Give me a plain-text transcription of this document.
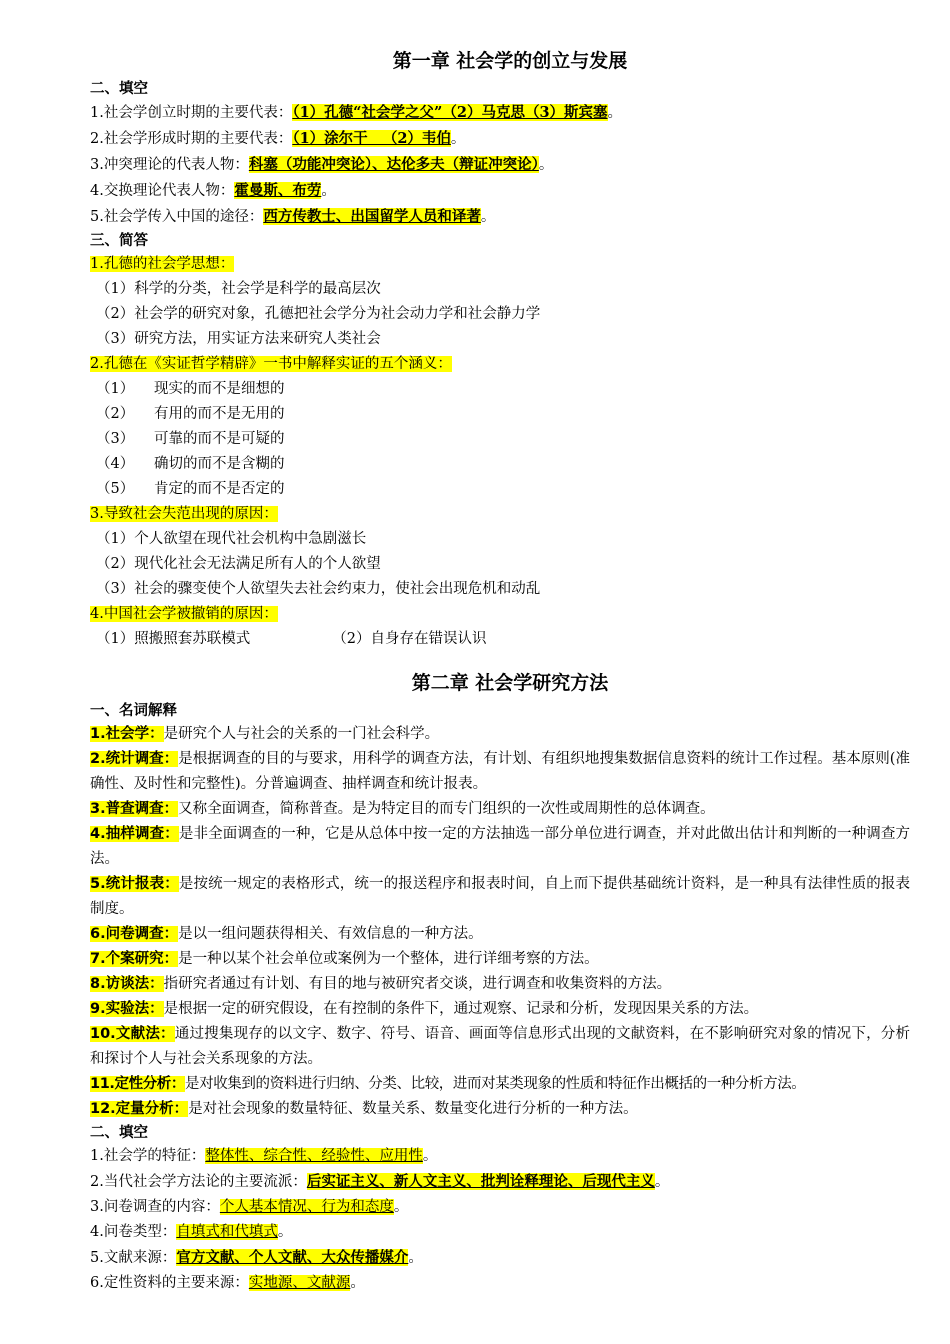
第一章 社会学的创立与发展
二、填空
1.社会学创立时期的主要代表：（1）孔德“社会学之父”（2）马克思（3）斯宾塞。
2.社会学形成时期的主要代表：（1）涂尔干   （2）韦伯。
3.冲突理论的代表人物：科塞（功能冲突论）、达伦多夫（辩证冲突论）。
4.交换理论代表人物：霍曼斯、布劳。
5.社会学传入中国的途径：西方传教士、出国留学人员和译著。
三、简答
1.孔德的社会学思想：
（1）科学的分类，社会学是科学的最高层次
（2）社会学的研究对象，孔德把社会学分为社会动力学和社会静力学
（3）研究方法，用实证方法来研究人类社会
2.孔德在《实证哲学精辟》一书中解释实证的五个涵义：
（1） 现实的而不是细想的
（2） 有用的而不是无用的
（3） 可靠的而不是可疑的
（4） 确切的而不是含糊的
（5） 肯定的而不是否定的
3.导致社会失范出现的原因：
（1）个人欲望在现代社会机构中急剧滋长
（2）现代化社会无法满足所有人的个人欲望
（3）社会的骤变使个人欲望失去社会约束力，使社会出现危机和动乱
4.中国社会学被撤销的原因：
（1）照搬照套苏联模式	（2）自身存在错误认识
第二章 社会学研究方法
一、名词解释
1.社会学：是研究个人与社会的关系的一门社会科学。
2.统计调查：是根据调查的目的与要求，用科学的调查方法，有计划、有组织地搜集数据信息资料的统计工作过程。基本原则(准确性、及时性和完整性)。分普遍调查、抽样调查和统计报表。
3.普查调查：又称全面调查，简称普查。是为特定目的而专门组织的一次性或周期性的总体调查。
4.抽样调查：是非全面调查的一种，它是从总体中按一定的方法抽选一部分单位进行调查，并对此做出估计和判断的一种调查方法。
5.统计报表：是按统一规定的表格形式，统一的报送程序和报表时间，自上而下提供基础统计资料，是一种具有法律性质的报表制度。
6.问卷调查：是以一组问题获得相关、有效信息的一种方法。
7.个案研究：是一种以某个社会单位或案例为一个整体，进行详细考察的方法。
8.访谈法：指研究者通过有计划、有目的地与被研究者交谈，进行调查和收集资料的方法。
9.实验法：是根据一定的研究假设，在有控制的条件下，通过观察、记录和分析，发现因果关系的方法。
10.文献法：通过搜集现存的以文字、数字、符号、语音、画面等信息形式出现的文献资料，在不影响研究对象的情况下，分析和探讨个人与社会关系现象的方法。
11.定性分析：是对收集到的资料进行归纳、分类、比较，进而对某类现象的性质和特征作出概括的一种分析方法。
12.定量分析：是对社会现象的数量特征、数量关系、数量变化进行分析的一种方法。
二、填空
1.社会学的特征：整体性、综合性、经验性、应用性。
2.当代社会学方法论的主要流派：后实证主义、新人文主义、批判诠释理论、后现代主义。
3.问卷调查的内容：个人基本情况、行为和态度。
4.问卷类型：自填式和代填式。
5.文献来源：官方文献、个人文献、大众传播媒介。
6.定性资料的主要来源：实地源、文献源。
